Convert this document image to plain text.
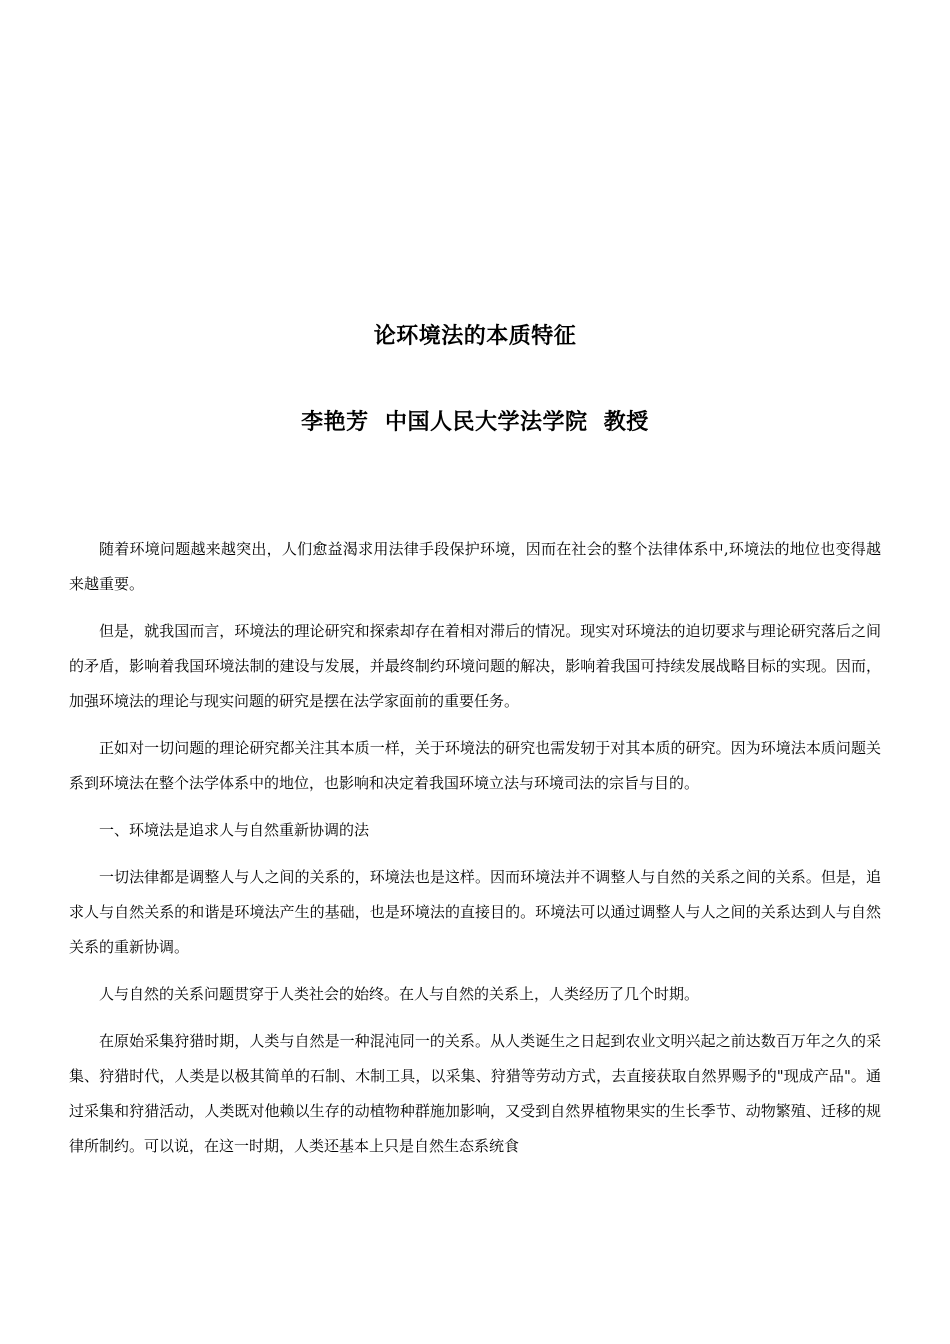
论环境法的本质特征
李艳芳  中国人民大学法学院  教授

随着环境问题越来越突出，人们愈益渴求用法律手段保护环境，因而在社会的整个法律体系中,环境法的地位也变得越来越重要。

但是，就我国而言，环境法的理论研究和探索却存在着相对滞后的情况。现实对环境法的迫切要求与理论研究落后之间的矛盾，影响着我国环境法制的建设与发展，并最终制约环境问题的解决，影响着我国可持续发展战略目标的实现。因而，加强环境法的理论与现实问题的研究是摆在法学家面前的重要任务。

正如对一切问题的理论研究都关注其本质一样，关于环境法的研究也需发轫于对其本质的研究。因为环境法本质问题关系到环境法在整个法学体系中的地位，也影响和决定着我国环境立法与环境司法的宗旨与目的。

一、环境法是追求人与自然重新协调的法

一切法律都是调整人与人之间的关系的，环境法也是这样。因而环境法并不调整人与自然的关系之间的关系。但是，追求人与自然关系的和谐是环境法产生的基础，也是环境法的直接目的。环境法可以通过调整人与人之间的关系达到人与自然关系的重新协调。

人与自然的关系问题贯穿于人类社会的始终。在人与自然的关系上，人类经历了几个时期。

在原始采集狩猎时期，人类与自然是一种混沌同一的关系。从人类诞生之日起到农业文明兴起之前达数百万年之久的采集、狩猎时代，人类是以极其简单的石制、木制工具，以采集、狩猎等劳动方式，去直接获取自然界赐予的"现成产品"。通过采集和狩猎活动，人类既对他赖以生存的动植物种群施加影响，又受到自然界植物果实的生长季节、动物繁殖、迁移的规律所制约。可以说，在这一时期，人类还基本上只是自然生态系统食
